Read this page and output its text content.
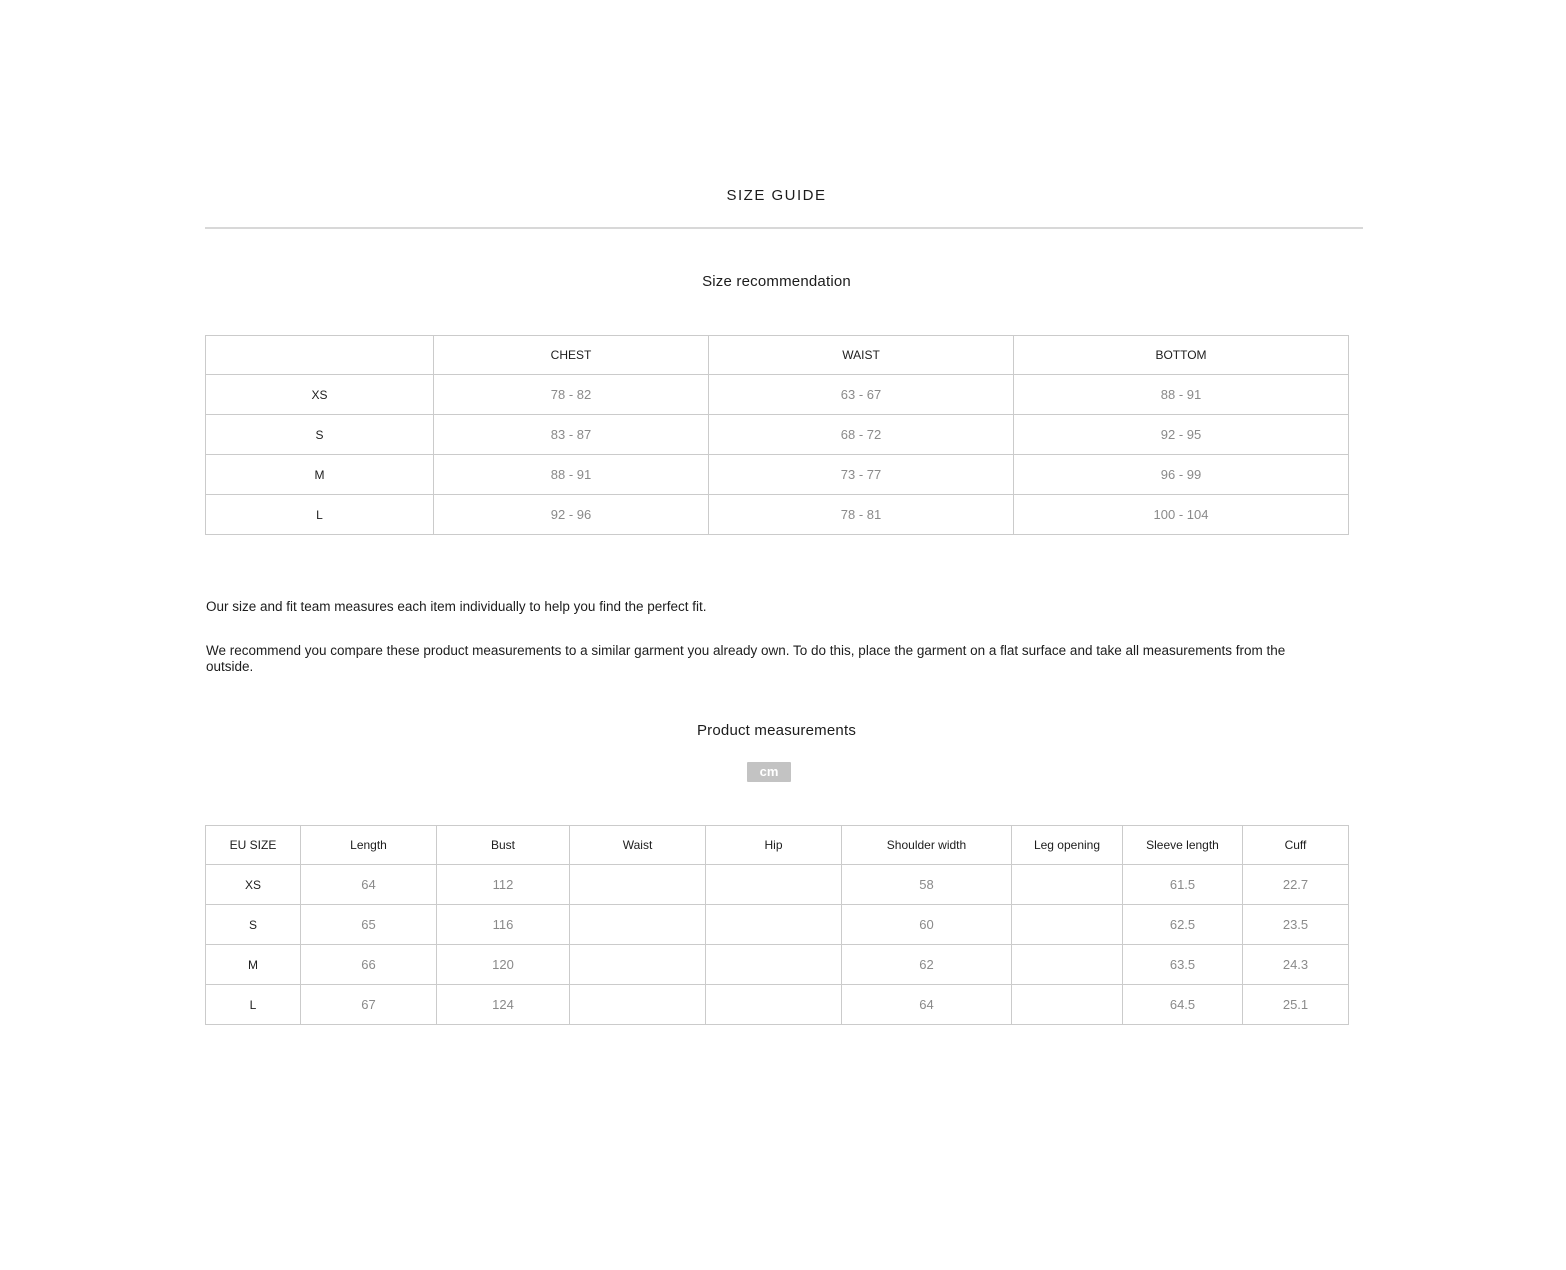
SIZE GUIDE
Size recommendation
	CHEST	WAIST	BOTTOM
XS	78 - 82	63 - 67	88 - 91
S	83 - 87	68 - 72	92 - 95
M	88 - 91	73 - 77	96 - 99
L	92 - 96	78 - 81	100 - 104

Our size and fit team measures each item individually to help you find the perfect fit.

We recommend you compare these product measurements to a similar garment you already own. To do this, place the garment on a flat surface and take all measurements from the outside.

Product measurements
cm
EU SIZE	Length	Bust	Waist	Hip	Shoulder width	Leg opening	Sleeve length	Cuff
XS	64	112			58		61.5	22.7
S	65	116			60		62.5	23.5
M	66	120			62		63.5	24.3
L	67	124			64		64.5	25.1
